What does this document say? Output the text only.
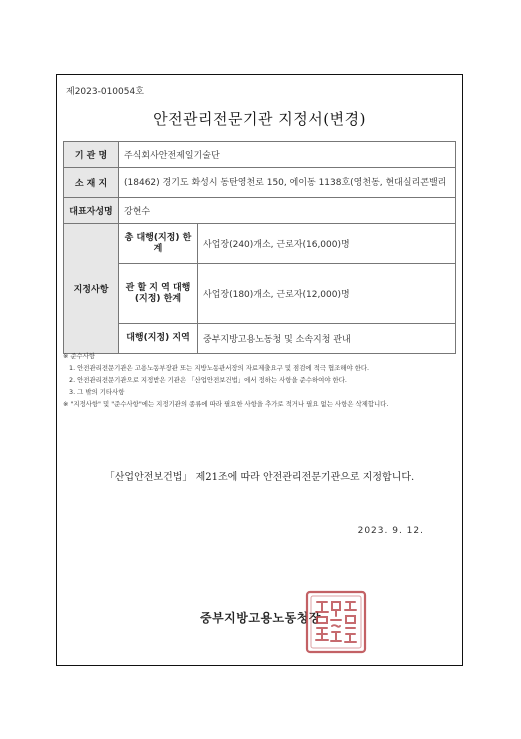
제2023-010054호
안전관리전문기관 지정서(변경)
기 관 명	주식회사안전제일기술단	
소 재 지	(18462) 경기도 화성시 동탄영천로 150, 에이동 1138호(영천동, 현대실리콘밸리	
대표자성명	강현수	
지정사항	총 대행(지정) 한 계	사업장(240)개소, 근로자(16,000)명
	관 할 지 역 대행(지정) 한계	사업장(180)개소, 근로자(12,000)명
	대행(지정) 지역	중부지방고용노동청 및 소속지청 관내
※ 준수사항
1. 안전관리전문기관은 고용노동부장관 또는 지방노동관서장의 자료제출요구 및 점검에 적극 협조해야 한다.
2. 안전관리전문기관으로 지정받은 기관은 「산업안전보건법」에서 정하는 사항을 준수하여야 한다.
3. 그 밖의 기타사항
※ "지정사항" 및 "준수사항"에는 지정기관의 종류에 따라 필요한 사항을 추가로 적거나 필요 없는 사항은 삭제합니다.
「산업안전보건법」 제21조에 따라 안전관리전문기관으로 지정합니다.
2023. 9. 12.
중부지방고용노동청장
